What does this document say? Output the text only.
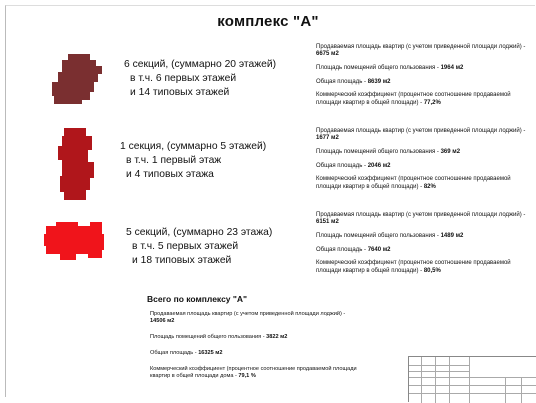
комплекс "А"
6 секций, (суммарно 20 этажей)
в т.ч. 6 первых этажей
и 14 типовых этажей

Продаваемая площадь квартир (с учетом приведенной площади лоджий) - 6675 м2

Площадь помещений общего пользования - 1964 м2

Общая площадь - 8639 м2

Коммерческий коэффициент (процентное соотношение продаваемой площади квартир в общей площади) - 77,2%

1 секция, (суммарно 5 этажей)
в т.ч. 1 первый этаж
и 4 типовых этажа

Продаваемая площадь квартир (с учетом приведенной площади лоджий) - 1677 м2

Площадь помещений общего пользования - 369 м2

Общая площадь - 2046 м2

Коммерческий коэффициент (процентное соотношение продаваемой площади квартир в общей площади) - 82%

5 секций, (суммарно 23 этажа)
в т.ч. 5 первых этажей
и 18 типовых этажей

Продаваемая площадь квартир (с учетом приведенной площади лоджий) - 6151 м2

Площадь помещений общего пользования - 1489 м2

Общая площадь - 7640 м2

Коммерческий коэффициент (процентное соотношение продаваемой площади квартир в общей площади) - 80,5%

Всего по комплексу "А"

Продаваемая площадь квартир (с учетом приведенной площади лоджий) - 14506 м2

Площадь помещений общего пользования - 3822 м2

Общая площадь - 16325 м2

Коммерческий коэффициент (процентное соотношение продаваемой площади квартир в общей площади дома - 79,1 %
